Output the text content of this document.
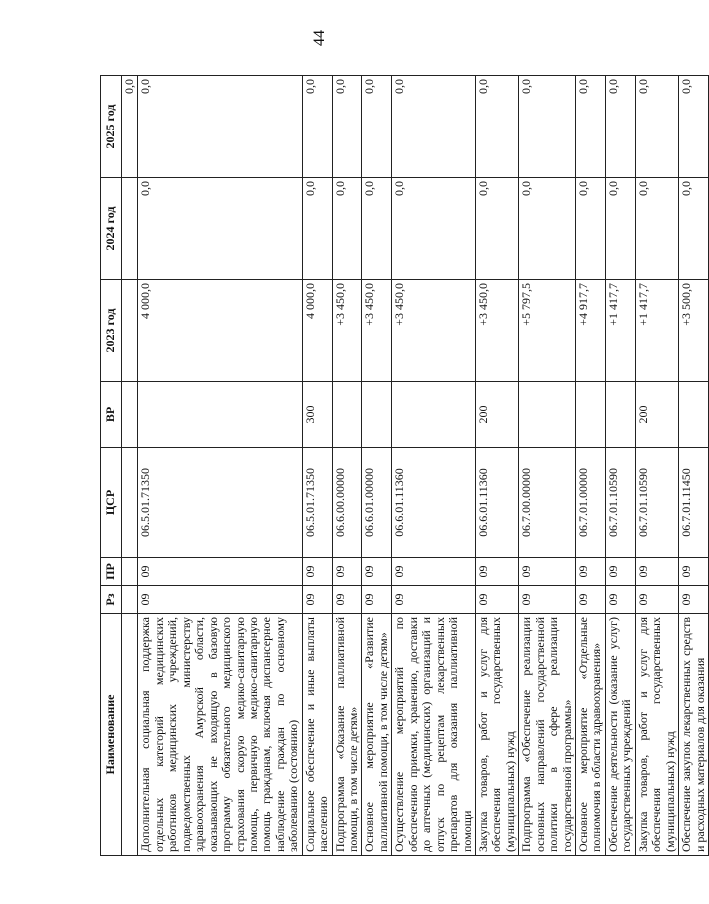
44
Наименование	Рз	ПР	ЦСР	ВР	2023 год	2024 год	2025 год
							0,0
Дополнительная социальная поддержка отдельных категорий медицинских работников медицинских учреждений, подведомственных министерству здравоохранения Амурской области, оказывающих не входящую в базовую программу обязательного медицинского страхования скорую медико-санитарную помощь, первичную медико-санитарную помощь гражданам, включая диспансерное наблюдение граждан по основному заболеванию (состоянию)	09	09	06.5.01.71350		4 000,0	0,0	0,0
Социальное обеспечение и иные выплаты населению	09	09	06.5.01.71350	300	4 000,0	0,0	0,0
Подпрограмма «Оказание паллиативной помощи, в том числе детям»	09	09	06.6.00.00000		+3 450,0	0,0	0,0
Основное мероприятие «Развитие паллиативной помощи, в том числе детям»	09	09	06.6.01.00000		+3 450,0	0,0	0,0
Осуществление мероприятий по обеспечению приемки, хранению, доставки до аптечных (медицинских) организаций и отпуск по рецептам лекарственных препаратов для оказания паллиативной помощи	09	09	06.6.01.11360		+3 450,0	0,0	0,0
Закупка товаров, работ и услуг для обеспечения государственных (муниципальных) нужд	09	09	06.6.01.11360	200	+3 450,0	0,0	0,0
Подпрограмма «Обеспечение реализации основных направлений государственной политики в сфере реализации государственной программы»	09	09	06.7.00.00000		+5 797,5	0,0	0,0
Основное мероприятие «Отдельные полномочия в области здравоохранения»	09	09	06.7.01.00000		+4 917,7	0,0	0,0
Обеспечение деятельности (оказание услуг) государственных учреждений	09	09	06.7.01.10590		+1 417,7	0,0	0,0
Закупка товаров, работ и услуг для обеспечения государственных (муниципальных) нужд	09	09	06.7.01.10590	200	+1 417,7	0,0	0,0
Обеспечение закупок лекарственных средств и расходных материалов для оказания	09	09	06.7.01.11450		+3 500,0	0,0	0,0
